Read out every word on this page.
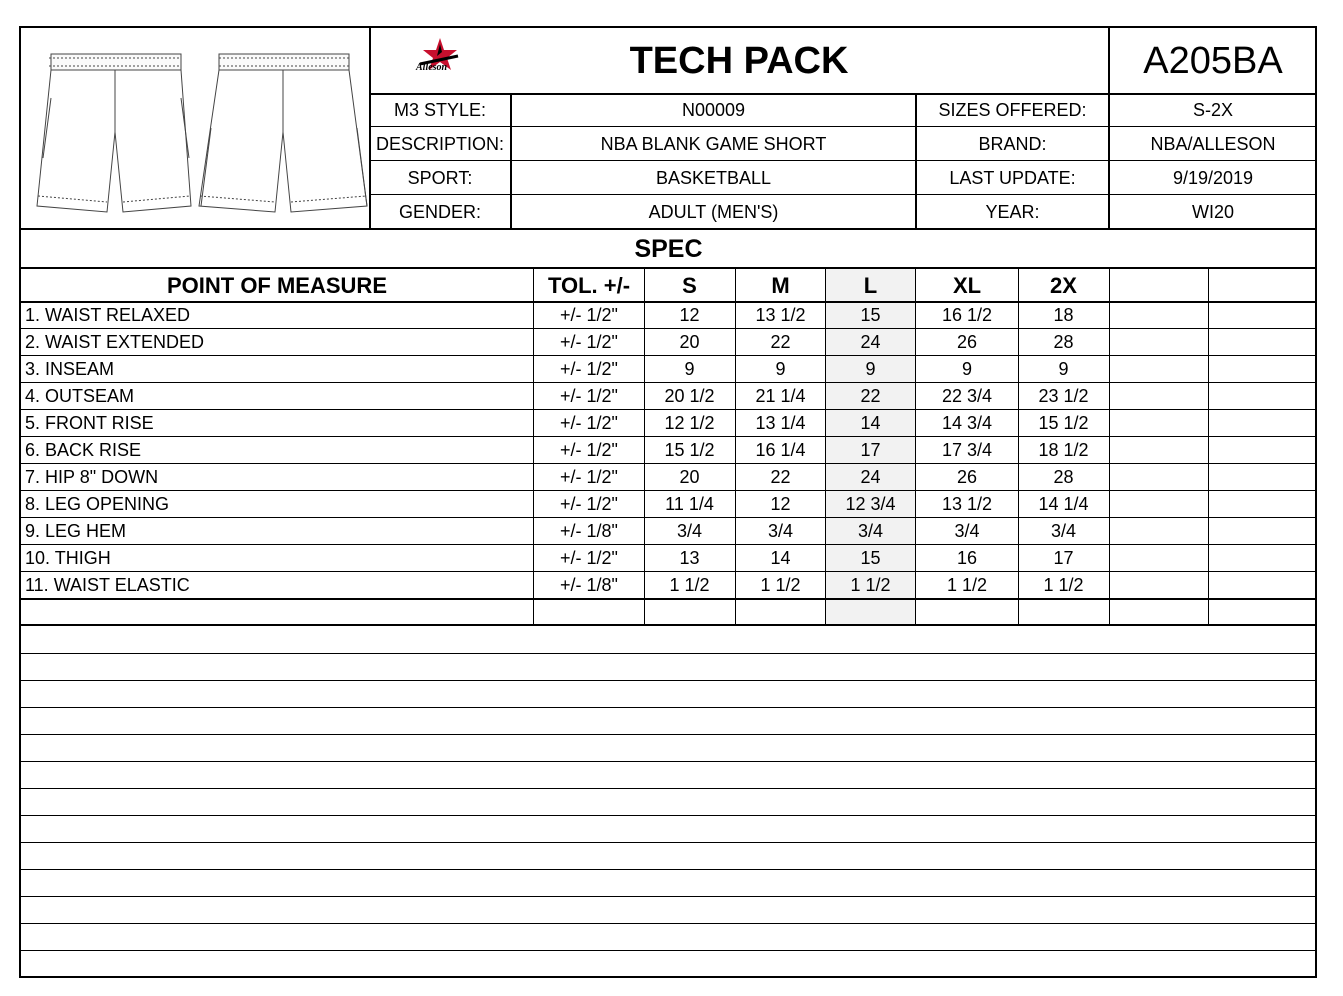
Alleson	TECH PACK	A205BA
M3 STYLE:	N00009	SIZES OFFERED:	S-2X
DESCRIPTION:	NBA BLANK GAME SHORT	BRAND:	NBA/ALLESON
SPORT:	BASKETBALL	LAST UPDATE:	9/19/2019
GENDER:	ADULT (MEN'S)	YEAR:	WI20
SPEC
POINT OF MEASURE	TOL. +/-	S	M	L	XL	2X
1. WAIST RELAXED	+/- 1/2"	12	13 1/2	15	16 1/2	18
2. WAIST EXTENDED	+/- 1/2"	20	22	24	26	28
3. INSEAM	+/- 1/2"	9	9	9	9	9
4. OUTSEAM	+/- 1/2"	20 1/2	21 1/4	22	22 3/4	23 1/2
5. FRONT RISE	+/- 1/2"	12 1/2	13 1/4	14	14 3/4	15 1/2
6. BACK RISE	+/- 1/2"	15 1/2	16 1/4	17	17 3/4	18 1/2
7. HIP 8" DOWN	+/- 1/2"	20	22	24	26	28
8. LEG OPENING	+/- 1/2"	11 1/4	12	12 3/4	13 1/2	14 1/4
9. LEG HEM	+/- 1/8"	3/4	3/4	3/4	3/4	3/4
10. THIGH	+/- 1/2"	13	14	15	16	17
11. WAIST ELASTIC	+/- 1/8"	1 1/2	1 1/2	1 1/2	1 1/2	1 1/2
